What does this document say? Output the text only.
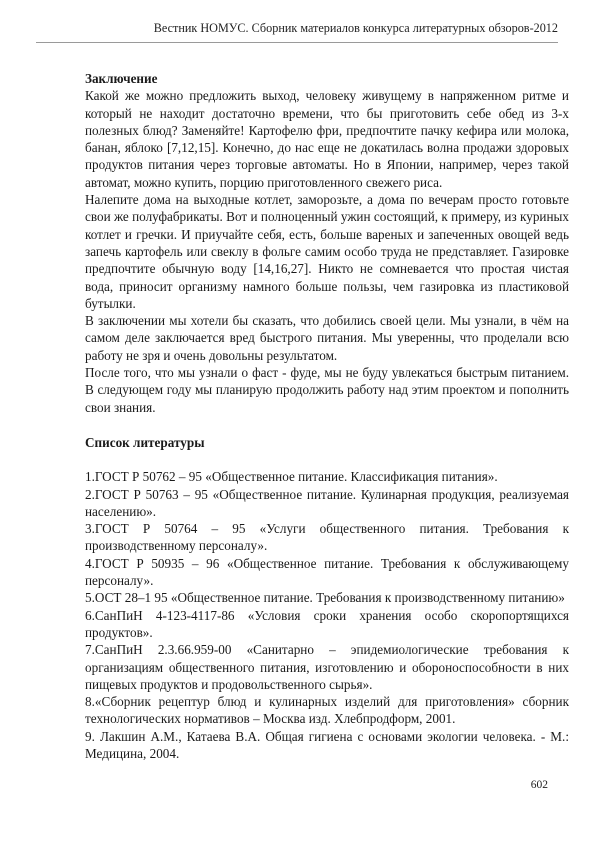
Вестник НОМУС. Сборник материалов конкурса литературных обзоров-2012

Заключение

Какой же можно предложить выход, человеку живущему в напряженном ритме и который не находит достаточно времени, что бы приготовить себе обед из 3-х полезных блюд? Заменяйте! Картофелю фри, предпочтите пачку кефира или молока, банан, яблоко [7,12,15]. Конечно, до нас еще не докатилась волна продажи здоровых продуктов питания через торговые автоматы. Но в Японии, например, через такой автомат, можно купить, порцию приготовленного свежего риса.

Налепите дома на выходные котлет, заморозьте, а дома по вечерам просто готовьте свои же полуфабрикаты. Вот и полноценный ужин состоящий, к примеру, из куриных котлет и гречки. И приучайте себя, есть, больше вареных и запеченных овощей ведь запечь картофель или свеклу в фольге самим особо труда не представляет. Газировке предпочтите обычную воду [14,16,27]. Никто не сомневается что простая чистая вода, приносит организму намного больше пользы, чем газировка из пластиковой бутылки.

В заключении мы хотели бы сказать, что добились своей цели. Мы узнали, в чём на самом деле заключается вред быстрого питания. Мы уверенны, что проделали всю работу не зря и очень довольны результатом.

После того, что мы узнали о фаст - фуде, мы не буду увлекаться быстрым питанием. В следующем году мы планирую продолжить работу над этим проектом и пополнить свои знания.

Список литературы

1.ГОСТ Р 50762 – 95 «Общественное питание. Классификация питания».
2.ГОСТ Р 50763 – 95 «Общественное питание. Кулинарная продукция, реализуемая населению».
3.ГОСТ Р 50764 – 95 «Услуги общественного питания. Требования к производственному персоналу».
4.ГОСТ Р 50935 – 96 «Общественное питание. Требования к обслуживающему персоналу».
5.ОСТ 28–1 95 «Общественное питание. Требования к производственному питанию»
6.СанПиН 4-123-4117-86 «Условия сроки хранения особо скоропортящихся продуктов».
7.СанПиН 2.3.66.959-00 «Санитарно – эпидемиологические требования к организациям общественного питания, изготовлению и обороноспособности в них пищевых продуктов и продовольственного сырья».
8.«Сборник рецептур блюд и кулинарных изделий для приготовления» сборник технологических нормативов – Москва изд. Хлебпродформ, 2001.
9. Лакшин А.М., Катаева В.А. Общая гигиена с основами экологии человека. - М.: Медицина, 2004.
602
